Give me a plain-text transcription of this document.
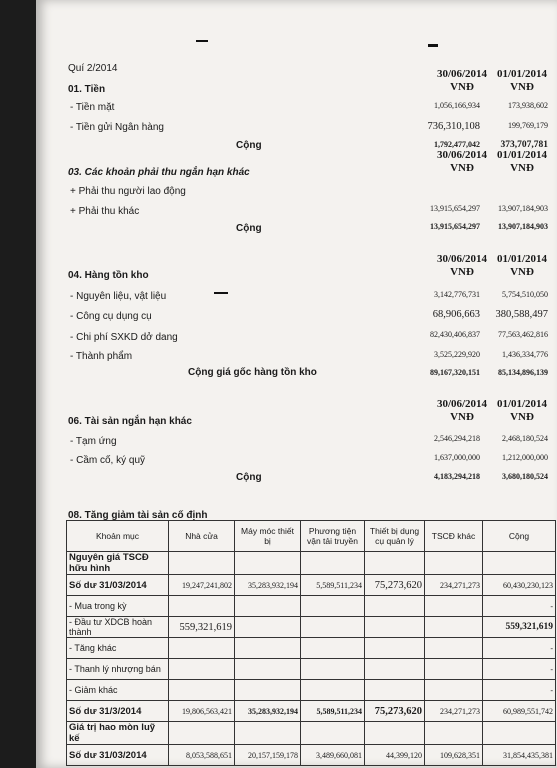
Quí 2/2014	30/06/2014 01/01/2014
VNĐ	VNĐ
01. Tiền
- Tiền mặt	1,056,166,934	173,938,602
- Tiền gửi Ngân hàng	736,310,108	199,769,179
Cộng	1,792,477,042	373,707,781
30/06/2014 01/01/2014
VNĐ	VNĐ
03. Các khoản phải thu ngắn hạn khác
+ Phải thu người lao động
+ Phải thu khác	13,915,654,297	13,907,184,903
Cộng	13,915,654,297	13,907,184,903
30/06/2014 01/01/2014
VNĐ	VNĐ
04. Hàng tồn kho
- Nguyên liệu, vật liệu	3,142,776,731	5,754,510,050
- Công cụ dụng cụ	68,906,663	380,588,497
- Chi phí SXKD dở dang	82,430,406,837	77,563,462,816
- Thành phẩm	3,525,229,920	1,436,334,776
Cộng giá gốc hàng tồn kho	89,167,320,151	85,134,896,139
30/06/2014 01/01/2014
VNĐ	VNĐ
06. Tài sản ngắn hạn khác
- Tạm ứng	2,546,294,218	2,468,180,524
- Cầm cố, ký quỹ	1,637,000,000	1,212,000,000
Cộng	4,183,294,218	3,680,180,524
08. Tăng giảm tài sản cố định
Khoản mục	Nhà cửa	Máy móc thiết bị	Phương tiện vận tải truyền	Thiết bị dụng cụ quản lý	TSCĐ khác	Cộng
Nguyên giá TSCĐ hữu hình						
Số dư 31/03/2014	19,247,241,802	35,283,932,194	5,589,511,234	75,273,620	234,271,273	60,430,230,123
- Mua trong kỳ						-
- Đầu tư XDCB hoàn thành	559,321,619					559,321,619
- Tăng khác						-
- Thanh lý nhượng bán						-
- Giảm khác						-
Số dư 31/3/2014	19,806,563,421	35,283,932,194	5,589,511,234	75,273,620	234,271,273	60,989,551,742
Giá trị hao mòn luỹ kế						
Số dư 31/03/2014	8,053,588,651	20,157,159,178	3,489,660,081	44,399,120	109,628,351	31,854,435,381
